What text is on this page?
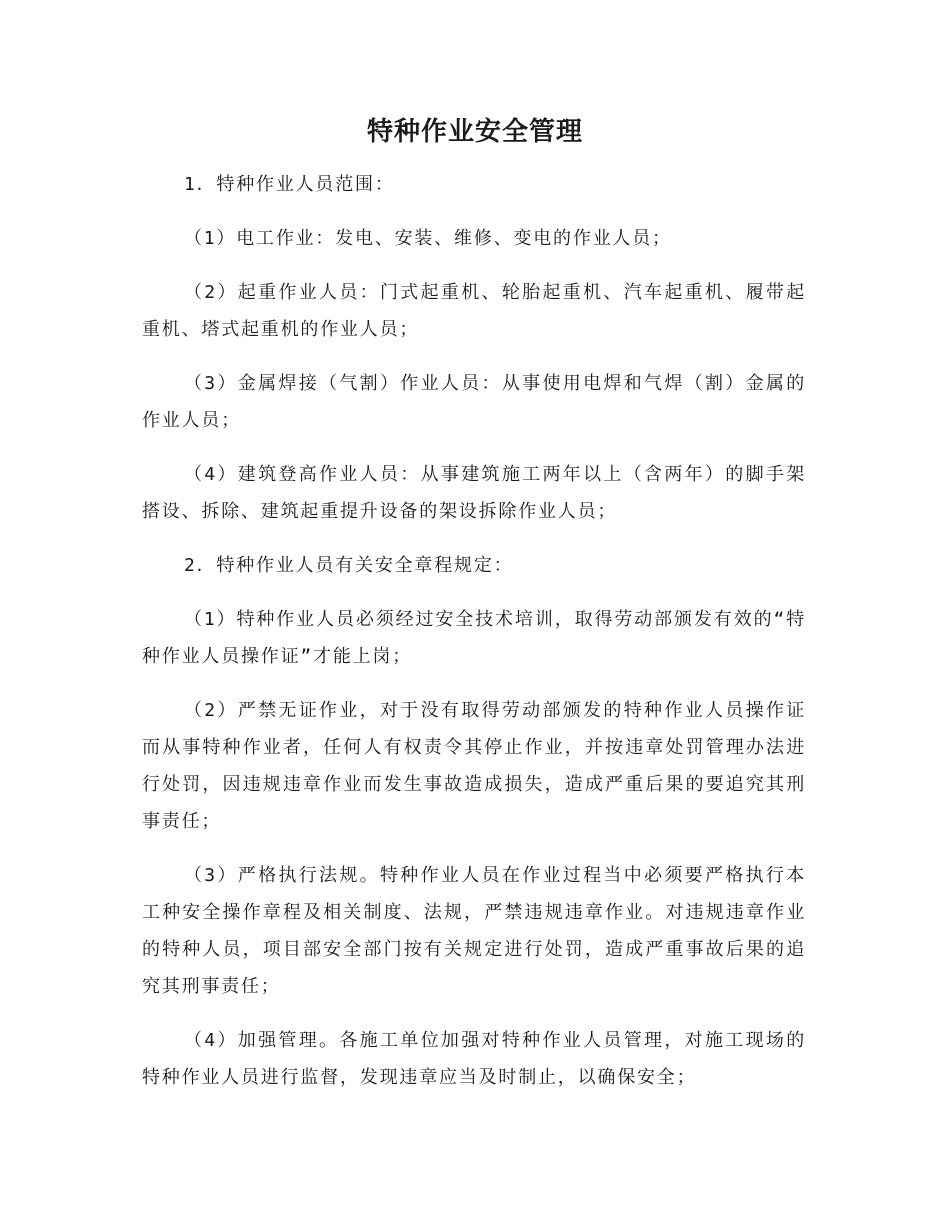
特种作业安全管理

1．特种作业人员范围：

（1）电工作业：发电、安装、维修、变电的作业人员；

（2）起重作业人员：门式起重机、轮胎起重机、汽车起重机、履带起重机、塔式起重机的作业人员；

（3）金属焊接（气割）作业人员：从事使用电焊和气焊（割）金属的作业人员；

（4）建筑登高作业人员：从事建筑施工两年以上（含两年）的脚手架搭设、拆除、建筑起重提升设备的架设拆除作业人员；

2．特种作业人员有关安全章程规定：

（1）特种作业人员必须经过安全技术培训，取得劳动部颁发有效的“特种作业人员操作证”才能上岗；

（2）严禁无证作业，对于没有取得劳动部颁发的特种作业人员操作证而从事特种作业者，任何人有权责令其停止作业，并按违章处罚管理办法进行处罚，因违规违章作业而发生事故造成损失，造成严重后果的要追究其刑事责任；

（3）严格执行法规。特种作业人员在作业过程当中必须要严格执行本工种安全操作章程及相关制度、法规，严禁违规违章作业。对违规违章作业的特种人员，项目部安全部门按有关规定进行处罚，造成严重事故后果的追究其刑事责任；

（4）加强管理。各施工单位加强对特种作业人员管理，对施工现场的特种作业人员进行监督，发现违章应当及时制止，以确保安全；
